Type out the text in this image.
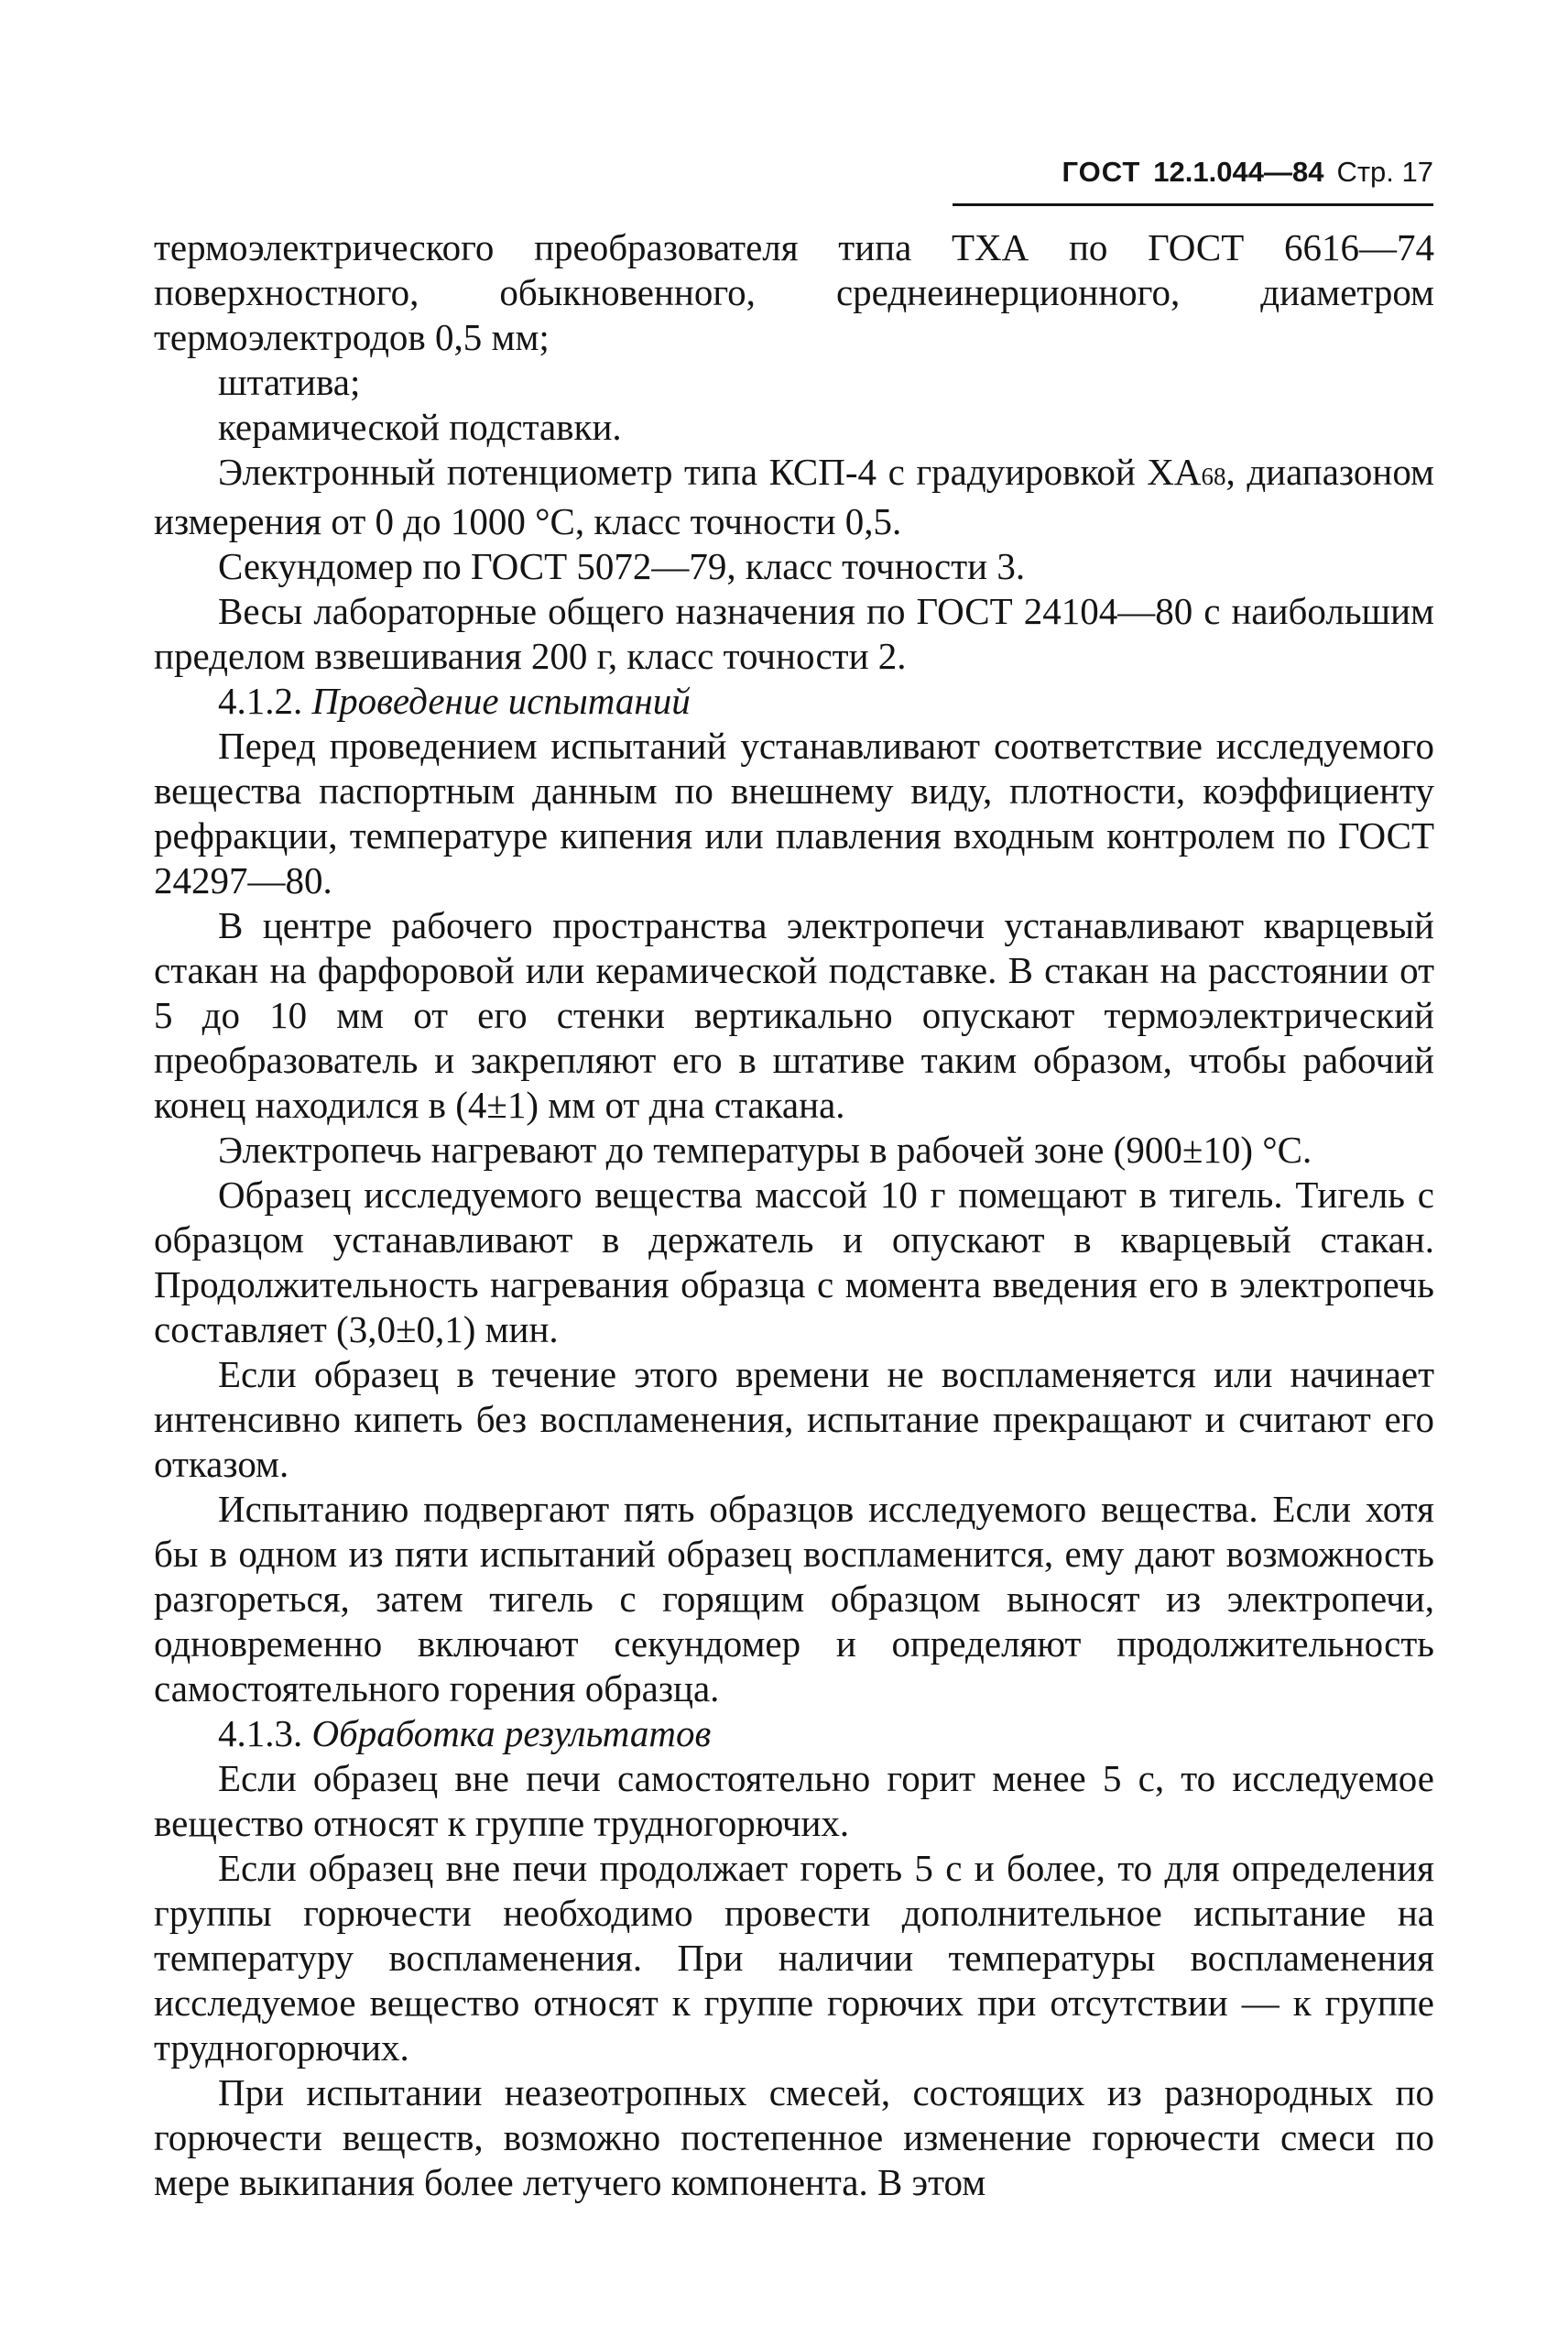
ГОСТ 12.1.044—84 Стр. 17

термоэлектрического преобразователя типа ТХА по ГОСТ 6616—74 поверхностного, обыкновенного, среднеинерционного, диаметром термоэлектродов 0,5 мм;

штатива;

керамической подставки.

Электронный потенциометр типа КСП-4 с градуировкой ХА68, диапазоном измерения от 0 до 1000 °С, класс точности 0,5.

Секундомер по ГОСТ 5072—79, класс точности 3.

Весы лабораторные общего назначения по ГОСТ 24104—80 с наибольшим пределом взвешивания 200 г, класс точности 2.

4.1.2. Проведение испытаний

Перед проведением испытаний устанавливают соответствие исследуемого вещества паспортным данным по внешнему виду, плотности, коэффициенту рефракции, температуре кипения или плавления входным контролем по ГОСТ 24297—80.

В центре рабочего пространства электропечи устанавливают кварцевый стакан на фарфоровой или керамической подставке. В стакан на расстоянии от 5 до 10 мм от его стенки вертикально опускают термоэлектрический преобразователь и закрепляют его в штативе таким образом, чтобы рабочий конец находился в (4±1) мм от дна стакана.

Электропечь нагревают до температуры в рабочей зоне (900±10) °С.

Образец исследуемого вещества массой 10 г помещают в тигель. Тигель с образцом устанавливают в держатель и опускают в кварцевый стакан. Продолжительность нагревания образца с момента введения его в электропечь составляет (3,0±0,1) мин.

Если образец в течение этого времени не воспламеняется или начинает интенсивно кипеть без воспламенения, испытание прекращают и считают его отказом.

Испытанию подвергают пять образцов исследуемого вещества. Если хотя бы в одном из пяти испытаний образец воспламенится, ему дают возможность разгореться, затем тигель с горящим образцом выносят из электропечи, одновременно включают секундомер и определяют продолжительность самостоятельного горения образца.

4.1.3. Обработка результатов

Если образец вне печи самостоятельно горит менее 5 с, то исследуемое вещество относят к группе трудногорючих.

Если образец вне печи продолжает гореть 5 с и более, то для определения группы горючести необходимо провести дополнительное испытание на температуру воспламенения. При наличии температуры воспламенения исследуемое вещество относят к группе горючих при отсутствии — к группе трудногорючих.

При испытании неазеотропных смесей, состоящих из разнородных по горючести веществ, возможно постепенное изменение горючести смеси по мере выкипания более летучего компонента. В этом
